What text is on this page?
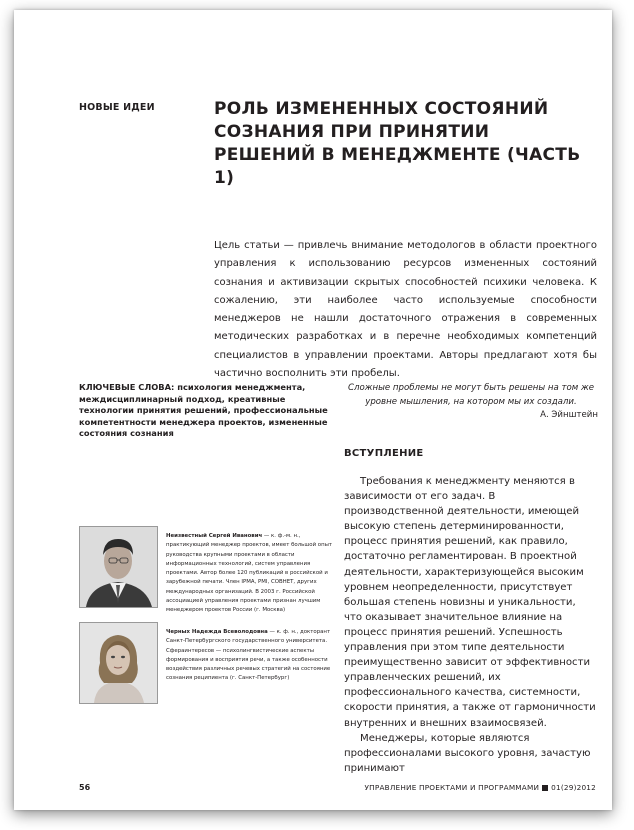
НОВЫЕ ИДЕИ	РОЛЬ ИЗМЕНЕННЫХ СОСТОЯНИЙ СОЗНАНИЯ ПРИ ПРИНЯТИИ РЕШЕНИЙ В МЕНЕДЖМЕНТЕ (ЧАСТЬ 1)

Цель статьи — привлечь внимание методологов в области проектного управления к использованию ресурсов измененных состояний сознания и активизации скрытых способностей психики человека. К сожалению, эти наиболее часто используемые способности менеджеров не нашли достаточного отражения в современных методических разработках и в перечне необходимых компетенций специалистов в управлении проектами. Авторы предлагают хотя бы частично восполнить эти пробелы.

КЛЮЧЕВЫЕ СЛОВА: психология менеджмента, междисциплинарный подход, креативные технологии принятия решений, профессиональные компетентности менеджера проектов, измененные состояния сознания

Сложные проблемы не могут быть решены на том же уровне мышления, на котором мы их создали.
А. Эйнштейн
ВСТУПЛЕНИЕ

Требования к менеджменту меняются в зависимости от его задач. В производственной деятельности, имеющей высокую степень детерминированности, процесс принятия решений, как правило, достаточно регламентирован. В проектной деятельности, характеризующейся высоким уровнем неопределенности, присутствует большая степень новизны и уникальности, что оказывает значительное влияние на процесс принятия решений. Успешность управления при этом типе деятельности преимущественно зависит от эффективности управленческих решений, их профессионального качества, системности, скорости принятия, а также от гармоничности внутренних и внешних взаимосвязей.

Менеджеры, которые являются профессионалами высокого уровня, зачастую принимают

Неизвестный Сергей Иванович — к. ф.-м. н., практикующий менеджер проектов, имеет большой опыт руководства крупными проектами в области информационных технологий, систем управления проектами. Автор более 120 публикаций в российской и зарубежной печати. Член IPMA, PMI, СОВНЕТ, других международных организаций. В 2003 г. Российской ассоциацией управления проектами признан лучшим менеджером проектов России (г. Москва)

Черных Надежда Всеволодовна — к. ф. н., докторант Санкт-Петербургского государственного университета. Сфераинтересов — психолингвистические аспекты формирования и восприятия речи, а также особенности воздействия различных речевых стратегий на состояние сознания реципиента (г. Санкт-Петербург)

56	УПРАВЛЕНИЕ ПРОЕКТАМИ И ПРОГРАММАМИ 01(29)2012
